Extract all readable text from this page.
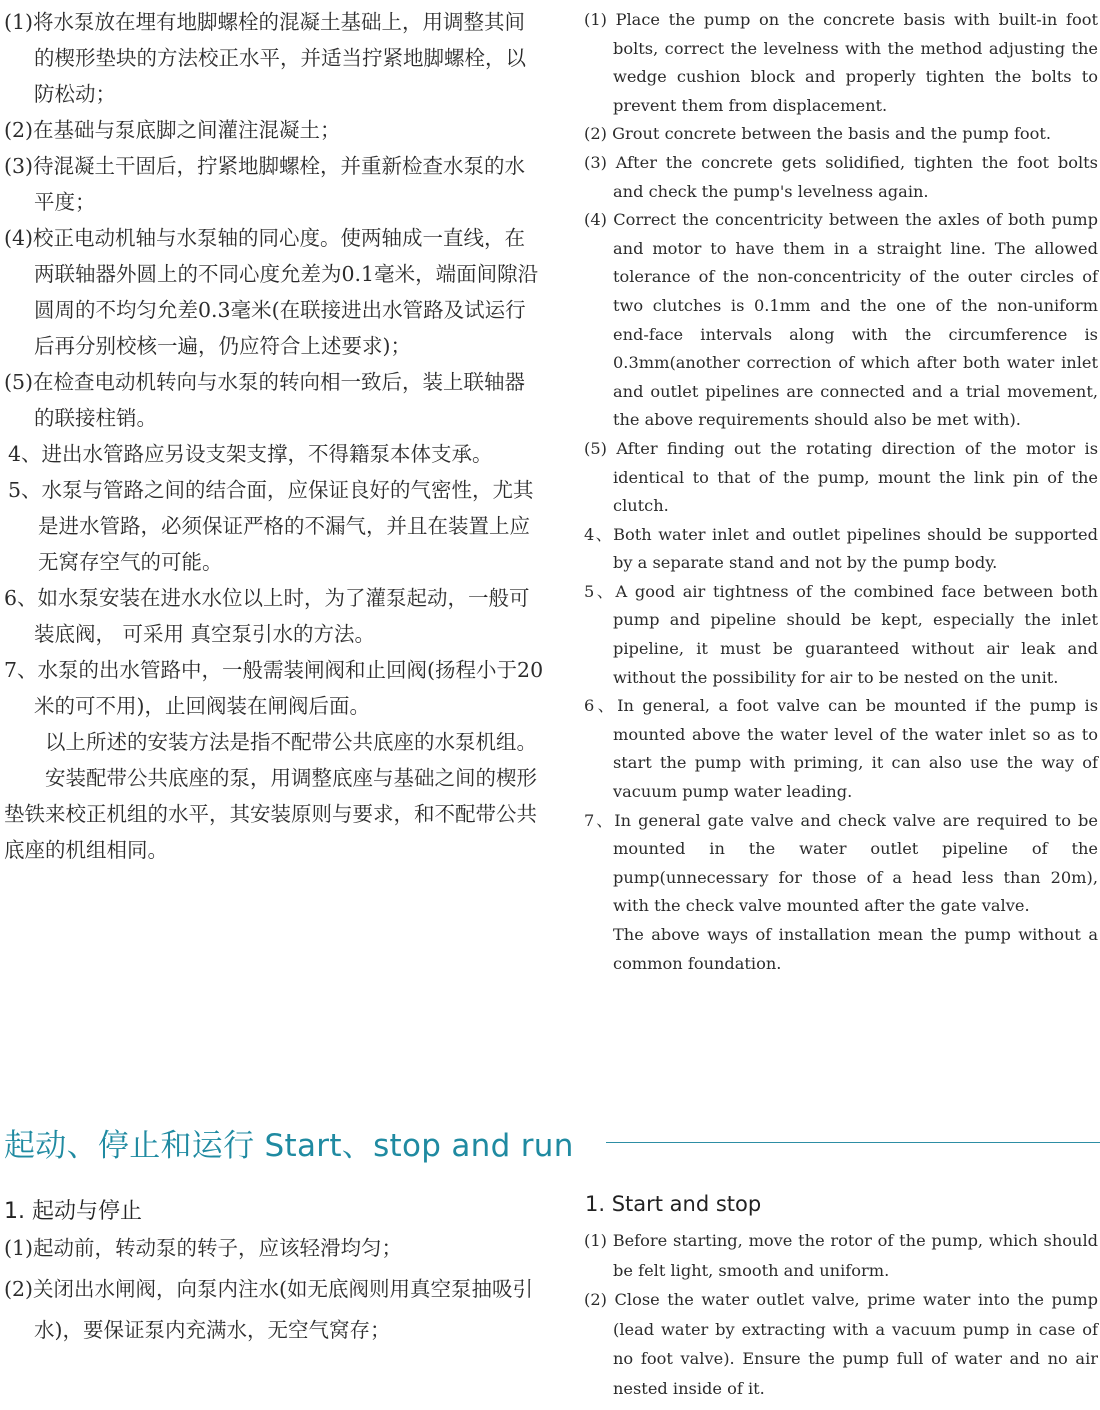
(1)将水泵放在埋有地脚螺栓的混凝土基础上，用调整其间的楔形垫块的方法校正水平，并适当拧紧地脚螺栓，以防松动；

(2)在基础与泵底脚之间灌注混凝土；

(3)待混凝土干固后，拧紧地脚螺栓，并重新检查水泵的水平度；

(4)校正电动机轴与水泵轴的同心度。使两轴成一直线，在两联轴器外圆上的不同心度允差为0.1毫米，端面间隙沿圆周的不均匀允差0.3毫米(在联接进出水管路及试运行后再分别校核一遍，仍应符合上述要求)；

(5)在检查电动机转向与水泵的转向相一致后，装上联轴器的联接柱销。

4、进出水管路应另设支架支撑，不得籍泵本体支承。

5、水泵与管路之间的结合面，应保证良好的气密性，尤其是进水管路，必须保证严格的不漏气，并且在装置上应无窝存空气的可能。

6、如水泵安装在进水水位以上时，为了灌泵起动，一般可装底阀， 可采用 真空泵引水的方法。

7、水泵的出水管路中，一般需装闸阀和止回阀(扬程小于20米的可不用)，止回阀装在闸阀后面。

以上所述的安装方法是指不配带公共底座的水泵机组。

安装配带公共底座的泵，用调整底座与基础之间的楔形垫铁来校正机组的水平，其安装原则与要求，和不配带公共底座的机组相同。

(1) Place the pump on the concrete basis with built-in foot bolts, correct the levelness with the method adjusting the wedge cushion block and properly tighten the bolts to prevent them from displacement.

(2) Grout concrete between the basis and the pump foot.

(3) After the concrete gets solidified, tighten the foot bolts and check the pump's levelness again.

(4) Correct the concentricity between the axles of both pump and motor to have them in a straight line. The allowed tolerance of the non-concentricity of the outer circles of two clutches is 0.1mm and the one of the non-uniform end-face intervals along with the circumference is 0.3mm(another correction of which after both water inlet and outlet pipelines are connected and a trial movement, the above requirements should also be met with).

(5) After finding out the rotating direction of the motor is identical to that of the pump, mount the link pin of the clutch.

4、Both water inlet and outlet pipelines should be supported by a separate stand and not by the pump body.

5、A good air tightness of the combined face between both pump and pipeline should be kept, especially the inlet pipeline, it must be guaranteed without air leak and without the possibility for air to be nested on the unit.

6、In general, a foot valve can be mounted if the pump is mounted above the water level of the water inlet so as to start the pump with priming, it can also use the way of vacuum pump water leading.

7、In general gate valve and check valve are required to be mounted in the water outlet pipeline of the pump(unnecessary for those of a head less than 20m), with the check valve mounted after the gate valve.

The above ways of installation mean the pump without a common foundation.

起动、停止和运行 Start、stop and run
1. 起动与停止	1. Start and stop

(1)起动前，转动泵的转子，应该轻滑均匀；

(2)关闭出水闸阀，向泵内注水(如无底阀则用真空泵抽吸引水)，要保证泵内充满水，无空气窝存；

(1) Before starting, move the rotor of the pump, which should be felt light, smooth and uniform.

(2) Close the water outlet valve, prime water into the pump (lead water by extracting with a vacuum pump in case of no foot valve). Ensure the pump full of water and no air nested inside of it.
